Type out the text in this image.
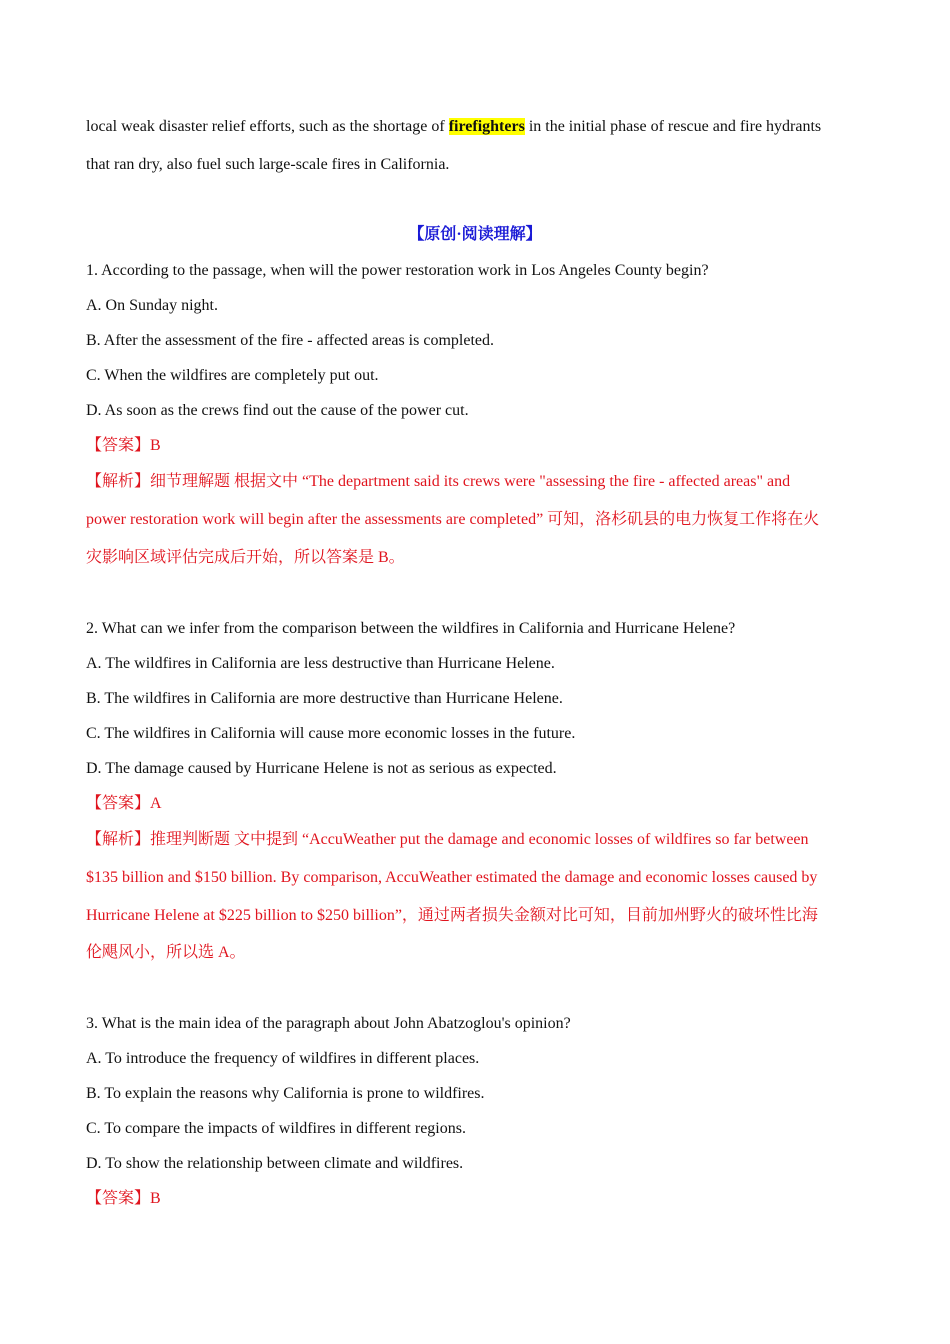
local weak disaster relief efforts, such as the shortage of firefighters in the initial phase of rescue and fire hydrants
that ran dry, also fuel such large-scale fires in California.
【原创·阅读理解】
1. According to the passage, when will the power restoration work in Los Angeles County begin?
A. On Sunday night.
B. After the assessment of the fire - affected areas is completed.
C. When the wildfires are completely put out.
D. As soon as the crews find out the cause of the power cut.
【答案】B
【解析】细节理解题 根据文中 “The department said its crews were "assessing the fire - affected areas" and
power restoration work will begin after the assessments are completed” 可知，洛杉矶县的电力恢复工作将在火
灾影响区域评估完成后开始，所以答案是 B。
2. What can we infer from the comparison between the wildfires in California and Hurricane Helene?
A. The wildfires in California are less destructive than Hurricane Helene.
B. The wildfires in California are more destructive than Hurricane Helene.
C. The wildfires in California will cause more economic losses in the future.
D. The damage caused by Hurricane Helene is not as serious as expected.
【答案】A
【解析】推理判断题 文中提到 “AccuWeather put the damage and economic losses of wildfires so far between
$135 billion and $150 billion. By comparison, AccuWeather estimated the damage and economic losses caused by
Hurricane Helene at $225 billion to $250 billion”，通过两者损失金额对比可知，目前加州野火的破坏性比海
伦飓风小，所以选 A。
3. What is the main idea of the paragraph about John Abatzoglou's opinion?
A. To introduce the frequency of wildfires in different places.
B. To explain the reasons why California is prone to wildfires.
C. To compare the impacts of wildfires in different regions.
D. To show the relationship between climate and wildfires.
【答案】B
